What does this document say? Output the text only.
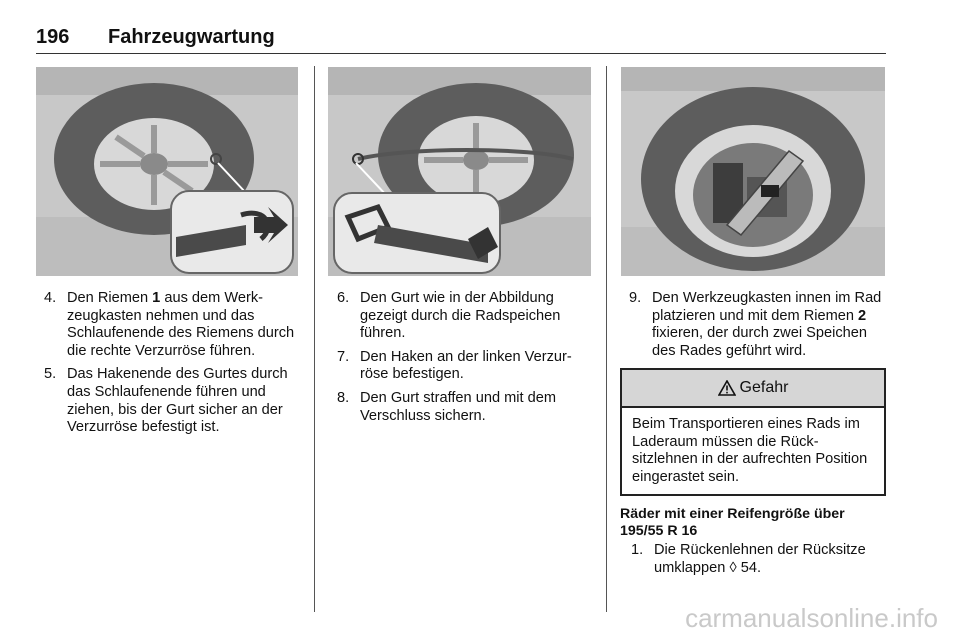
196 Fahrzeugwartung
4. Den Riemen 1 aus dem Werkzeugkasten nehmen und das Schlaufenende des Riemens durch die rechte Verzurröse führen.
5. Das Hakenende des Gurtes durch das Schlaufenende führen und ziehen, bis der Gurt sicher an der Verzurröse befestigt ist.
6. Den Gurt wie in der Abbildung gezeigt durch die Radspeichen führen.
7. Den Haken an der linken Verzurröse befestigen.
8. Den Gurt straffen und mit dem Verschluss sichern.
9. Den Werkzeugkasten innen im Rad platzieren und mit dem Riemen 2 fixieren, der durch zwei Speichen des Rades geführt wird.
Gefahr
Beim Transportieren eines Rads im Laderaum müssen die Rücksitzlehnen in der aufrechten Position eingerastet sein.
Räder mit einer Reifengröße über 195/55 R 16
1. Die Rückenlehnen der Rücksitze umklappen ◊ 54.
carmanualsonline.info
